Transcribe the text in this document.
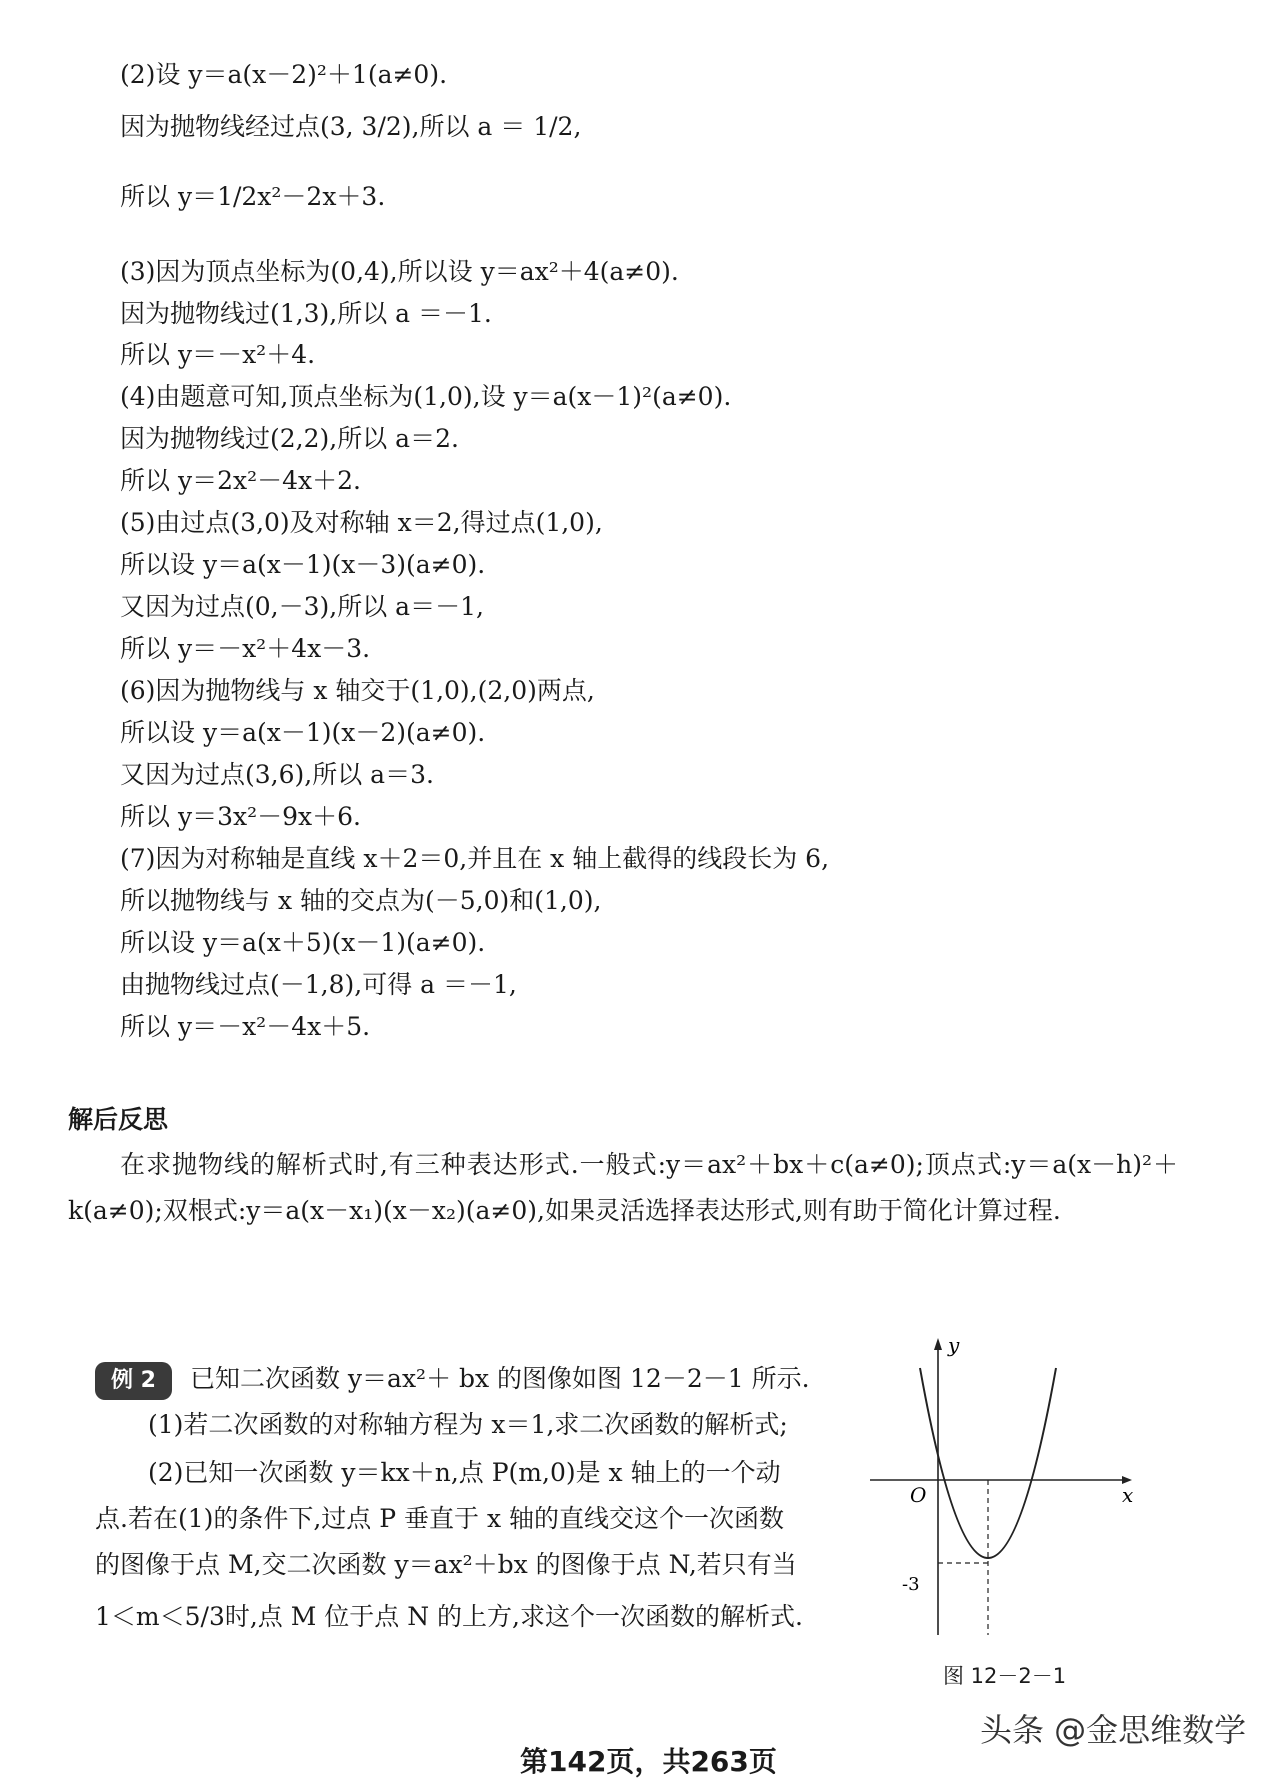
(2)设 y＝a(x－2)²＋1(a≠0).

因为抛物线经过点(3, 3/2),所以 a ＝ 1/2,

所以 y＝1/2x²－2x＋3.

(3)因为顶点坐标为(0,4),所以设 y＝ax²＋4(a≠0).

因为抛物线过(1,3),所以 a ＝－1.

所以 y＝－x²＋4.

(4)由题意可知,顶点坐标为(1,0),设 y＝a(x－1)²(a≠0).

因为抛物线过(2,2),所以 a＝2.

所以 y＝2x²－4x＋2.

(5)由过点(3,0)及对称轴 x＝2,得过点(1,0),

所以设 y＝a(x－1)(x－3)(a≠0).

又因为过点(0,－3),所以 a＝－1,

所以 y＝－x²＋4x－3.

(6)因为抛物线与 x 轴交于(1,0),(2,0)两点,

所以设 y＝a(x－1)(x－2)(a≠0).

又因为过点(3,6),所以 a＝3.

所以 y＝3x²－9x＋6.

(7)因为对称轴是直线 x＋2＝0,并且在 x 轴上截得的线段长为 6,

所以抛物线与 x 轴的交点为(－5,0)和(1,0),

所以设 y＝a(x＋5)(x－1)(a≠0).

由抛物线过点(－1,8),可得 a ＝－1,

所以 y＝－x²－4x＋5.

解后反思

在求抛物线的解析式时,有三种表达形式.一般式:y＝ax²＋bx＋c(a≠0);顶点式:y＝a(x－h)²＋k(a≠0);双根式:y＝a(x－x₁)(x－x₂)(a≠0),如果灵活选择表达形式,则有助于简化计算过程.

例 2 已知二次函数 y＝ax²＋ bx 的图像如图 12－2－1 所示.

(1)若二次函数的对称轴方程为 x＝1,求二次函数的解析式;

(2)已知一次函数 y＝kx＋n,点 P(m,0)是 x 轴上的一个动

点.若在(1)的条件下,过点 P 垂直于 x 轴的直线交这个一次函数

的图像于点 M,交二次函数 y＝ax²＋bx 的图像于点 N,若只有当

1＜m＜5/3时,点 M 位于点 N 的上方,求这个一次函数的解析式.

y
x
O
-3

图 12－2－1

头条 @金思维数学

第142页，共263页
